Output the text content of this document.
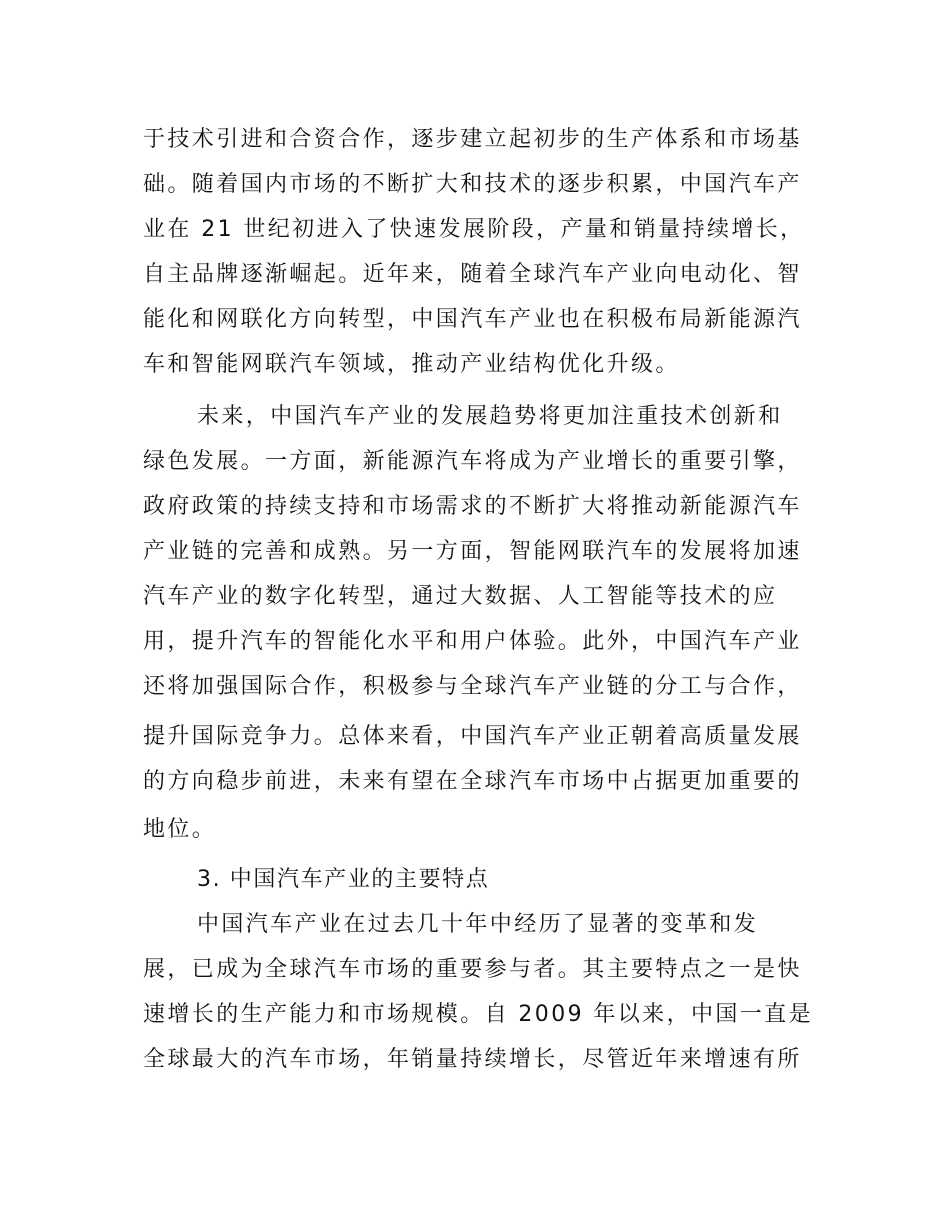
于技术引进和合资合作，逐步建立起初步的生产体系和市场基
础。随着国内市场的不断扩大和技术的逐步积累，中国汽车产
业在 21 世纪初进入了快速发展阶段，产量和销量持续增长，
自主品牌逐渐崛起。近年来，随着全球汽车产业向电动化、智
能化和网联化方向转型，中国汽车产业也在积极布局新能源汽
车和智能网联汽车领域，推动产业结构优化升级。
未来，中国汽车产业的发展趋势将更加注重技术创新和
绿色发展。一方面，新能源汽车将成为产业增长的重要引擎，
政府政策的持续支持和市场需求的不断扩大将推动新能源汽车
产业链的完善和成熟。另一方面，智能网联汽车的发展将加速
汽车产业的数字化转型，通过大数据、人工智能等技术的应
用，提升汽车的智能化水平和用户体验。此外，中国汽车产业
还将加强国际合作，积极参与全球汽车产业链的分工与合作，
提升国际竞争力。总体来看，中国汽车产业正朝着高质量发展
的方向稳步前进，未来有望在全球汽车市场中占据更加重要的
地位。
3. 中国汽车产业的主要特点
中国汽车产业在过去几十年中经历了显著的变革和发
展，已成为全球汽车市场的重要参与者。其主要特点之一是快
速增长的生产能力和市场规模。自 2009 年以来，中国一直是
全球最大的汽车市场，年销量持续增长，尽管近年来增速有所
